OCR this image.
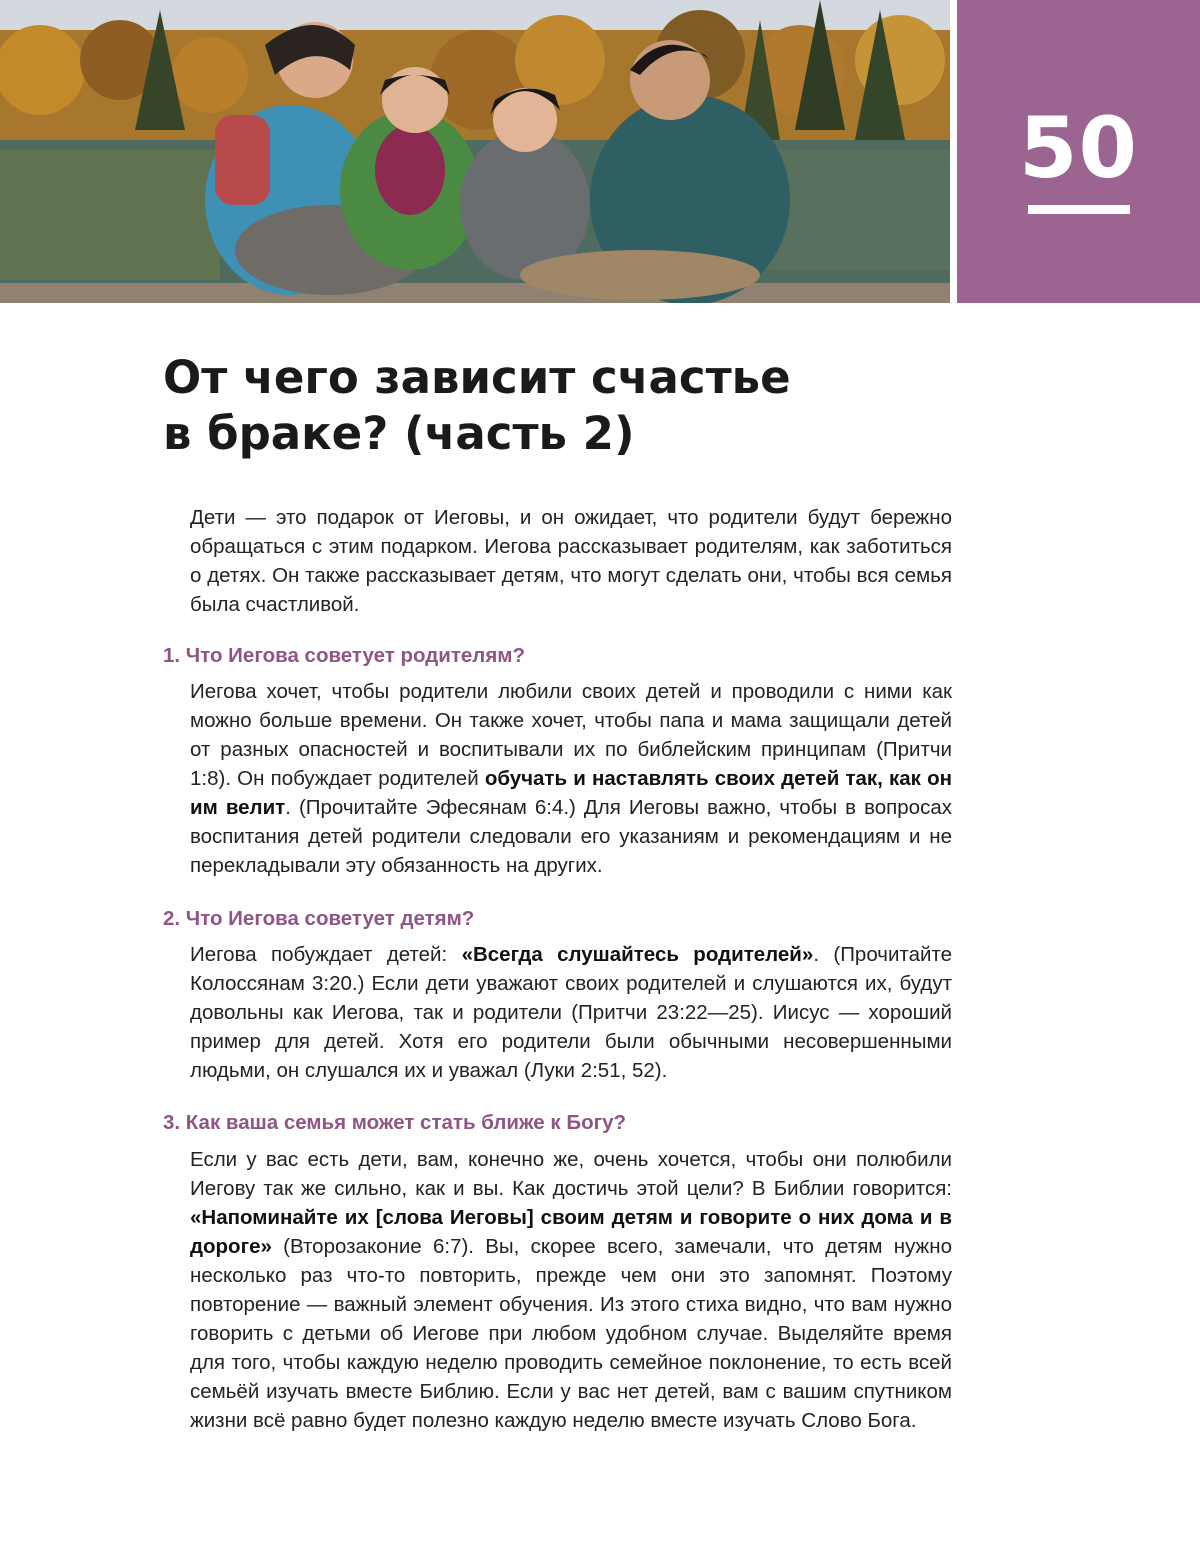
50
От чего зависит счастье
в браке? (часть 2)

Дети — это подарок от Иеговы, и он ожидает, что родители будут бережно обращаться с этим подарком. Иегова рассказывает родителям, как заботиться о детях. Он также рассказывает детям, что могут сделать они, чтобы вся семья была счастливой.

1. Что Иегова советует родителям?

Иегова хочет, чтобы родители любили своих детей и проводили с ними как можно больше времени. Он также хочет, чтобы папа и мама защищали детей от разных опасностей и воспитывали их по библейским принципам (Притчи 1:8). Он побуждает родителей обучать и наставлять своих детей так, как он им велит. (Прочитайте Эфесянам 6:4.) Для Иеговы важно, чтобы в вопросах воспитания детей родители следовали его указаниям и рекомендациям и не перекладывали эту обязанность на других.

2. Что Иегова советует детям?

Иегова побуждает детей: «Всегда слушайтесь родителей». (Прочитайте Колоссянам 3:20.) Если дети уважают своих родителей и слушаются их, будут довольны как Иегова, так и родители (Притчи 23:22—25). Иисус — хороший пример для детей. Хотя его родители были обычными несовершенными людьми, он слушался их и уважал (Луки 2:51, 52).

3. Как ваша семья может стать ближе к Богу?

Если у вас есть дети, вам, конечно же, очень хочется, чтобы они полюбили Иегову так же сильно, как и вы. Как достичь этой цели? В Библии говорится: «Напоминайте их [слова Иеговы] своим детям и говорите о них дома и в дороге» (Второзаконие 6:7). Вы, скорее всего, замечали, что детям нужно несколько раз что-то повторить, прежде чем они это запомнят. Поэтому повторение — важный элемент обучения. Из этого стиха видно, что вам нужно говорить с детьми об Иегове при любом удобном случае. Выделяйте время для того, чтобы каждую неделю проводить семейное поклонение, то есть всей семьёй изучать вместе Библию. Если у вас нет детей, вам с вашим спутником жизни всё равно будет полезно каждую неделю вместе изучать Слово Бога.
